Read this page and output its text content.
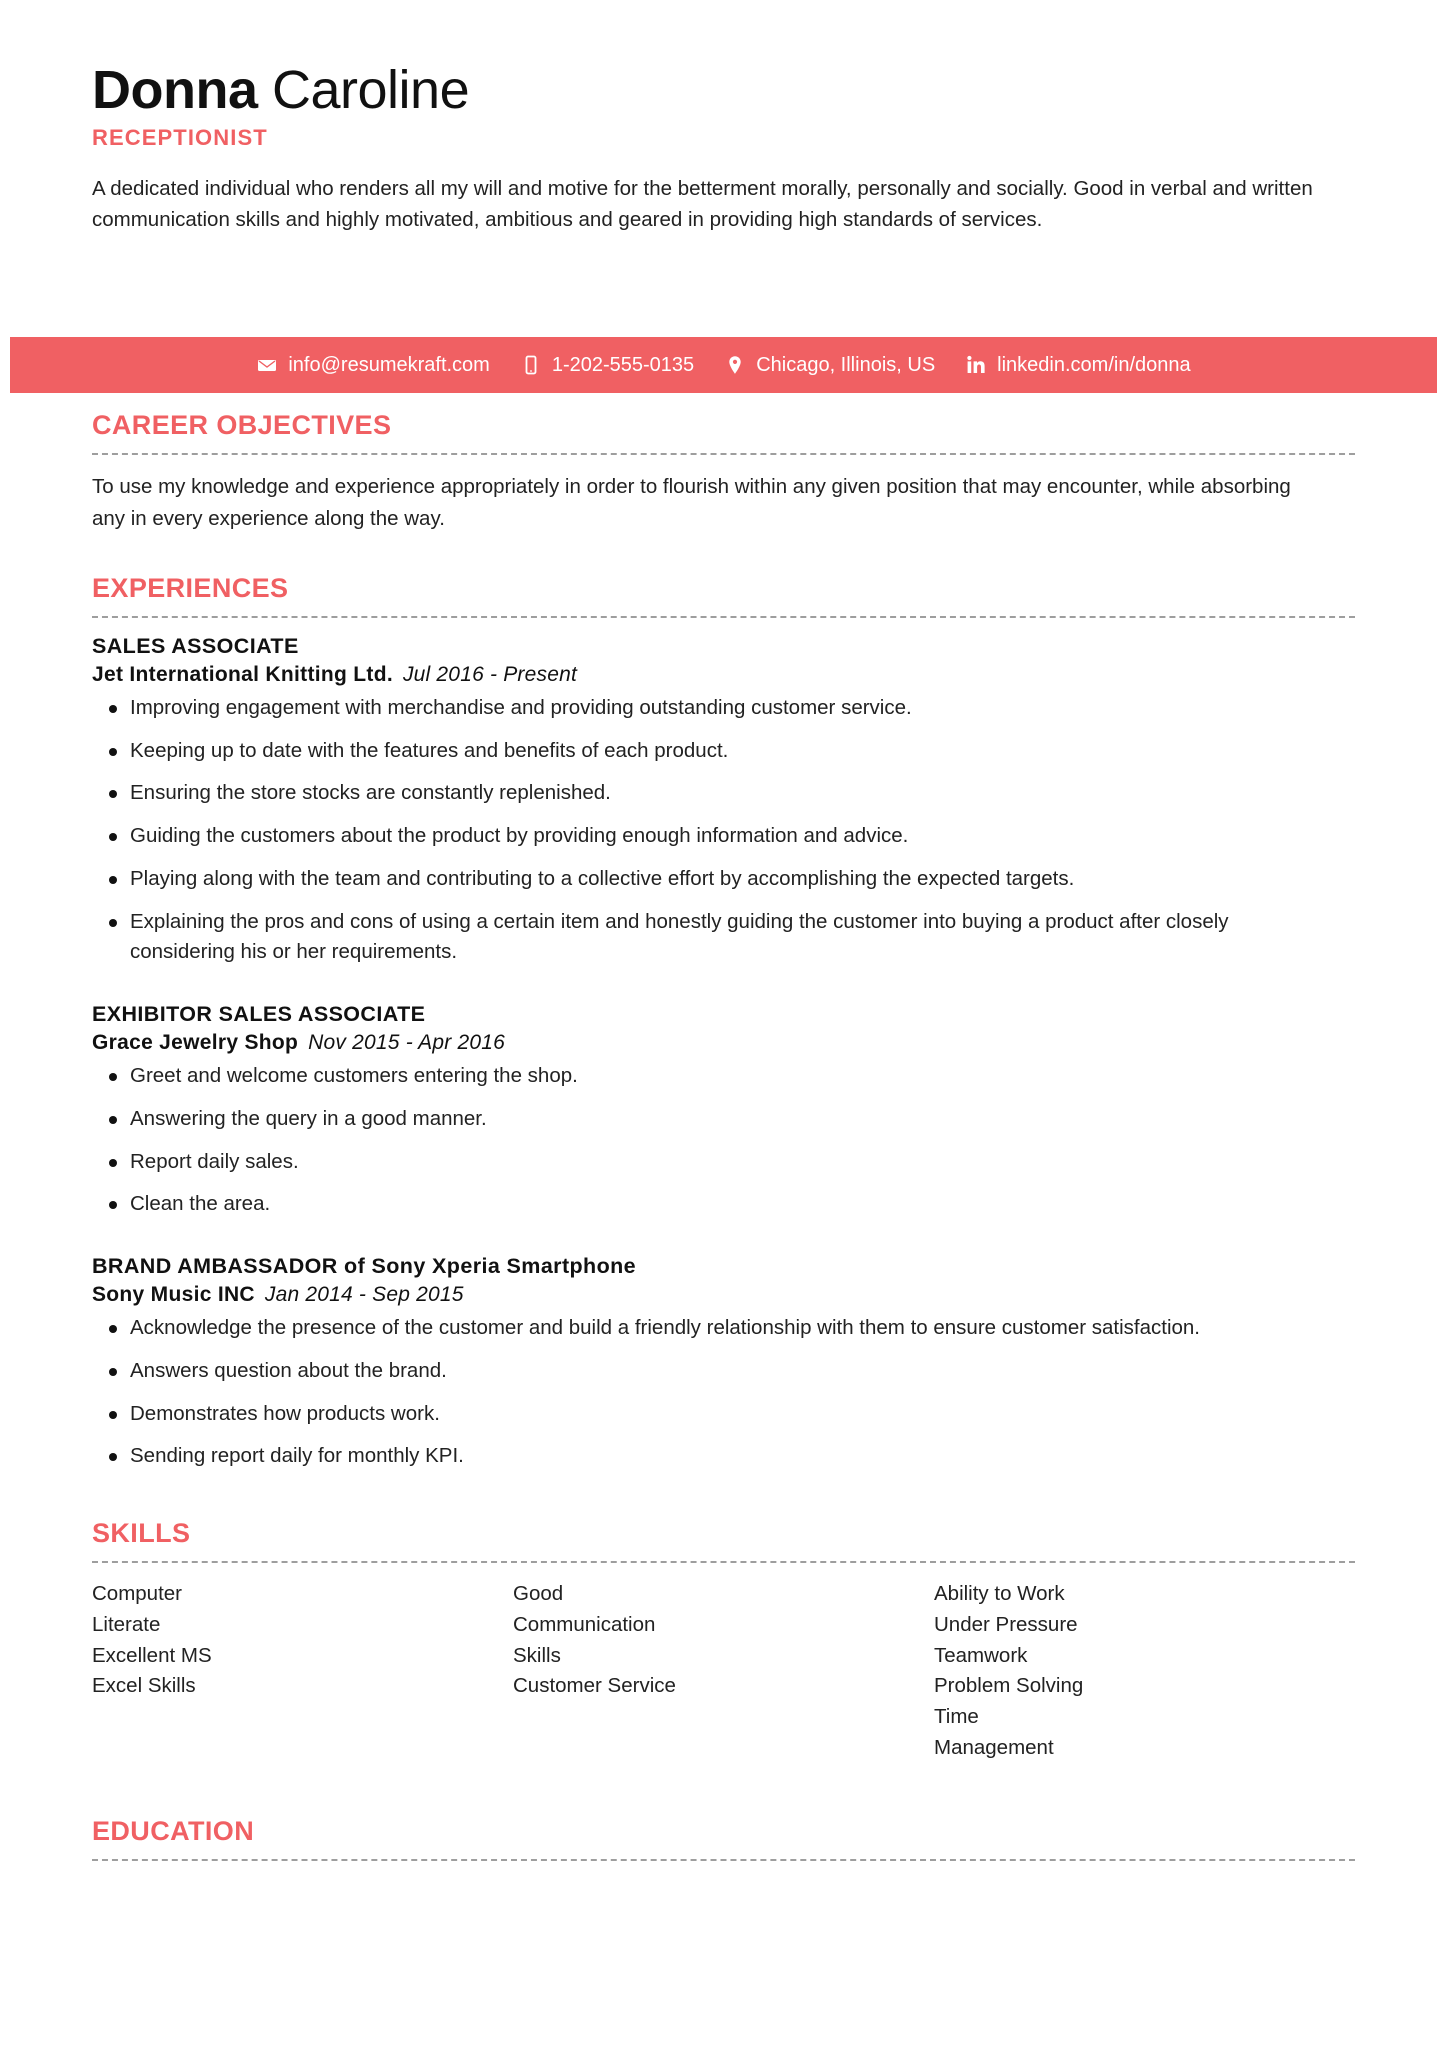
Donna Caroline
RECEPTIONIST

A dedicated individual who renders all my will and motive for the betterment morally, personally and socially. Good in verbal and written communication skills and highly motivated, ambitious and geared in providing high standards of services.

info@resumekraft.com	1-202-555-0135	Chicago, Illinois, US	linkedin.com/in/donna
CAREER OBJECTIVES

To use my knowledge and experience appropriately in order to flourish within any given position that may encounter, while absorbing any in every experience along the way.

EXPERIENCES
SALES ASSOCIATE
Jet International Knitting Ltd. Jul 2016 - Present
Improving engagement with merchandise and providing outstanding customer service.
Keeping up to date with the features and benefits of each product.
Ensuring the store stocks are constantly replenished.
Guiding the customers about the product by providing enough information and advice.
Playing along with the team and contributing to a collective effort by accomplishing the expected targets.
Explaining the pros and cons of using a certain item and honestly guiding the customer into buying a product after closely considering his or her requirements.
EXHIBITOR SALES ASSOCIATE
Grace Jewelry Shop Nov 2015 - Apr 2016
Greet and welcome customers entering the shop.
Answering the query in a good manner.
Report daily sales.
Clean the area.
BRAND AMBASSADOR of Sony Xperia Smartphone
Sony Music INC Jan 2014 - Sep 2015
Acknowledge the presence of the customer and build a friendly relationship with them to ensure customer satisfaction.
Answers question about the brand.
Demonstrates how products work.
Sending report daily for monthly KPI.
SKILLS
Computer Literate
Excellent MS Excel Skills
Good Communication Skills
Customer Service
Ability to Work Under Pressure
Teamwork
Problem Solving
Time Management
EDUCATION
